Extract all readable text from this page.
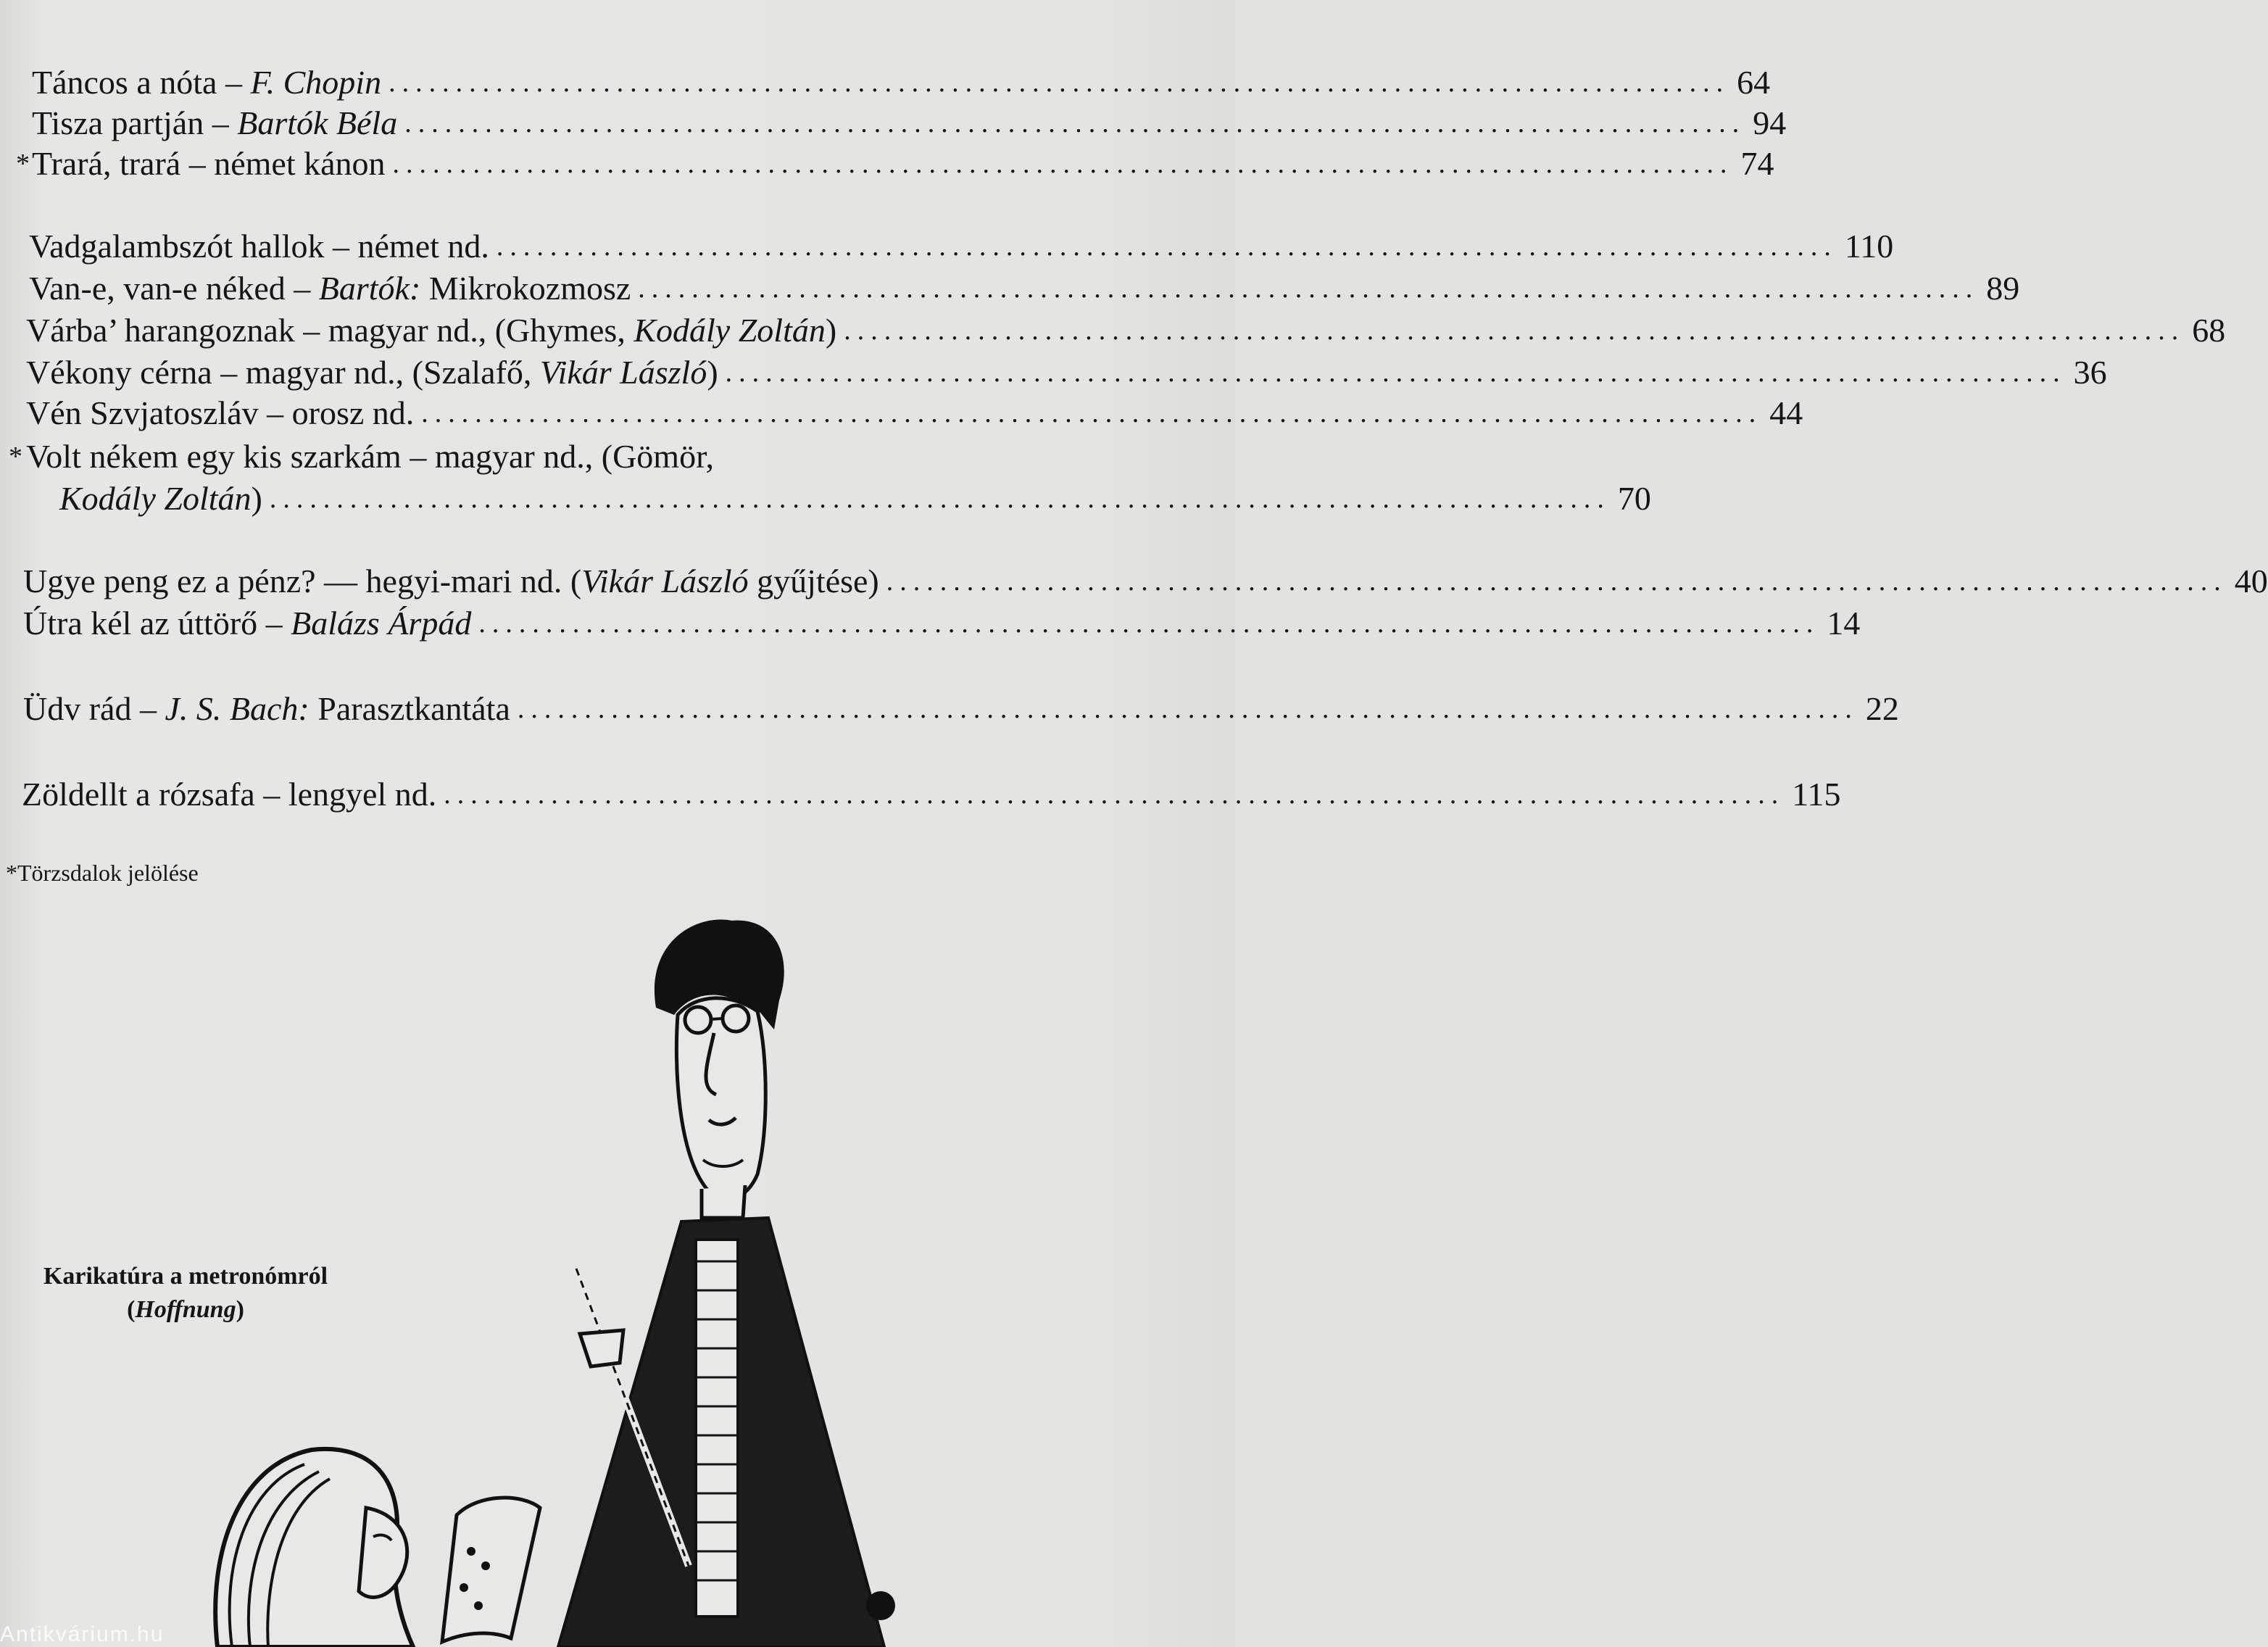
Táncos a nóta – F. Chopin .................................................................................................... 64
Tisza partján – Bartók Béla .................................................................................................... 94
* Trará, trará – német kánon .................................................................................................... 74
Vadgalambszót hallok – német nd. .................................................................................................... 110
Van-e, van-e néked – Bartók: Mikrokozmosz .................................................................................................... 89
Várba’ harangoznak – magyar nd., (Ghymes, Kodály Zoltán) .................................................................................................... 68
Vékony cérna – magyar nd., (Szalafő, Vikár László) .................................................................................................... 36
Vén Szvjatoszláv – orosz nd. .................................................................................................... 44
* Volt nékem egy kis szarkám – magyar nd., (Gömör,
Kodály Zoltán) .................................................................................................... 70
Ugye peng ez a pénz? — hegyi-mari nd. (Vikár László gyűjtése) .................................................................................................... 40
Útra kél az úttörő – Balázs Árpád .................................................................................................... 14
Üdv rád – J. S. Bach: Parasztkantáta .................................................................................................... 22
Zöldellt a rózsafa – lengyel nd. .................................................................................................... 115
*Törzsdalok jelölése
Karikatúra a metronómról
(Hoffnung)
Antikvárium.hu
